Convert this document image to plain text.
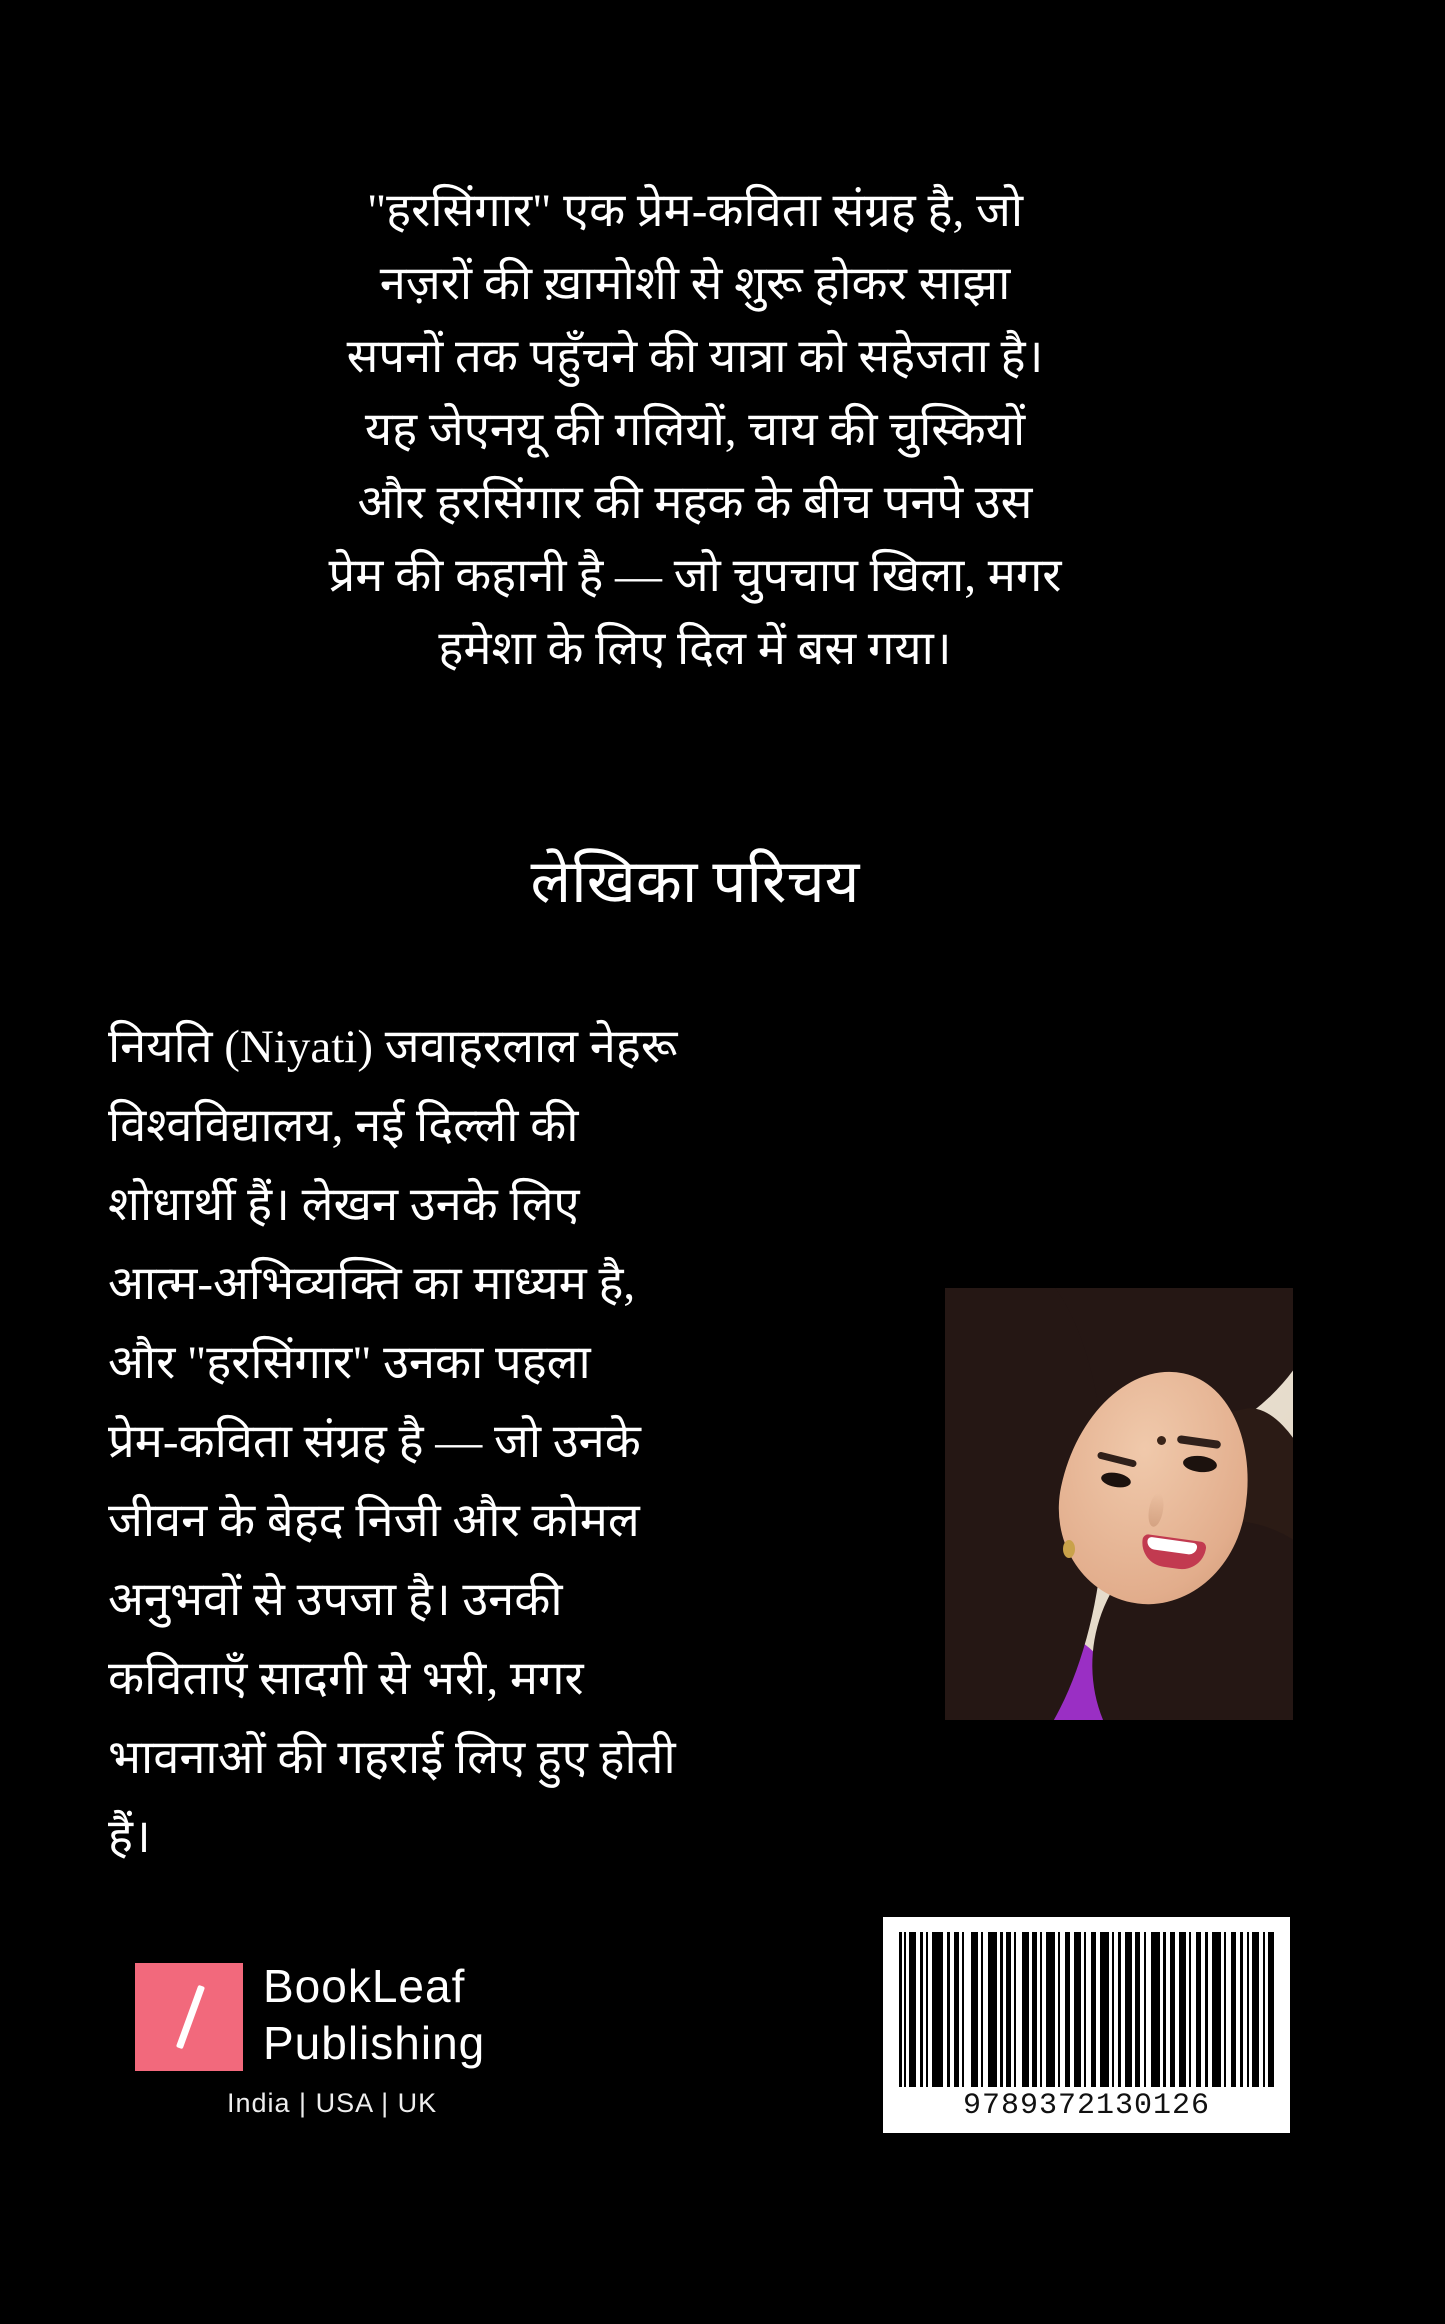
"हरसिंगार" एक प्रेम-कविता संग्रह है, जो
नज़रों की ख़ामोशी से शुरू होकर साझा
सपनों तक पहुँचने की यात्रा को सहेजता है।
यह जेएनयू की गलियों, चाय की चुस्कियों
और हरसिंगार की महक के बीच पनपे उस
प्रेम की कहानी है — जो चुपचाप खिला, मगर
हमेशा के लिए दिल में बस गया।
लेखिका परिचय
नियति (Niyati) जवाहरलाल नेहरू
विश्वविद्यालय, नई दिल्ली की
शोधार्थी हैं। लेखन उनके लिए
आत्म-अभिव्यक्ति का माध्यम है,
और "हरसिंगार" उनका पहला
प्रेम-कविता संग्रह है — जो उनके
जीवन के बेहद निजी और कोमल
अनुभवों से उपजा है। उनकी
कविताएँ सादगी से भरी, मगर
भावनाओं की गहराई लिए हुए होती
हैं।
BookLeaf
Publishing
India | USA | UK	9789372130126
